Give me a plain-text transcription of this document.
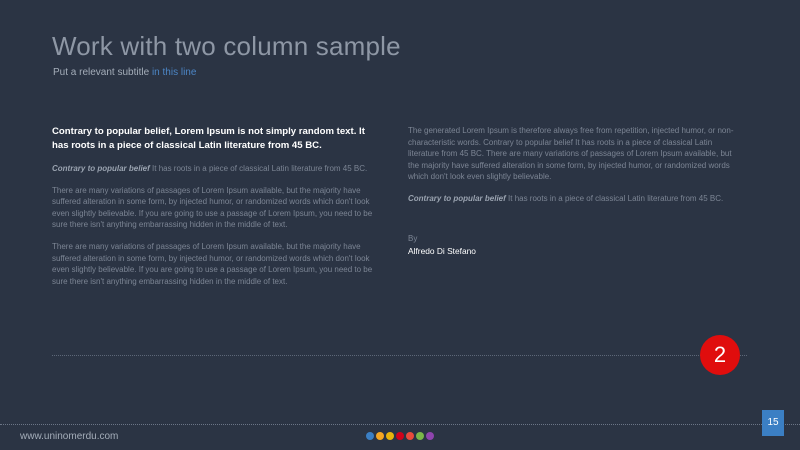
Work with two column sample
Put a relevant subtitle in this line

Contrary to popular belief, Lorem Ipsum is not simply random text. It has roots in a piece of classical Latin literature from 45 BC.

Contrary to popular belief It has roots in a piece of classical Latin literature from 45 BC.

There are many variations of passages of Lorem Ipsum available, but the majority have suffered alteration in some form, by injected humor, or randomized words which don't look even slightly believable. If you are going to use a passage of Lorem Ipsum, you need to be sure there isn't anything embarrassing hidden in the middle of text.

There are many variations of passages of Lorem Ipsum available, but the majority have suffered alteration in some form, by injected humor, or randomized words which don't look even slightly believable. If you are going to use a passage of Lorem Ipsum, you need to be sure there isn't anything embarrassing hidden in the middle of text.

The generated Lorem Ipsum is therefore always free from repetition, injected humor, or non-characteristic words. Contrary to popular belief It has roots in a piece of classical Latin literature from 45 BC. There are many variations of passages of Lorem Ipsum available, but the majority have suffered alteration in some form, by injected humor, or randomized words which don't look even slightly believable.

Contrary to popular belief It has roots in a piece of classical Latin literature from 45 BC.

By
Alfredo Di Stefano
2
www.uninomerdu.com
15
